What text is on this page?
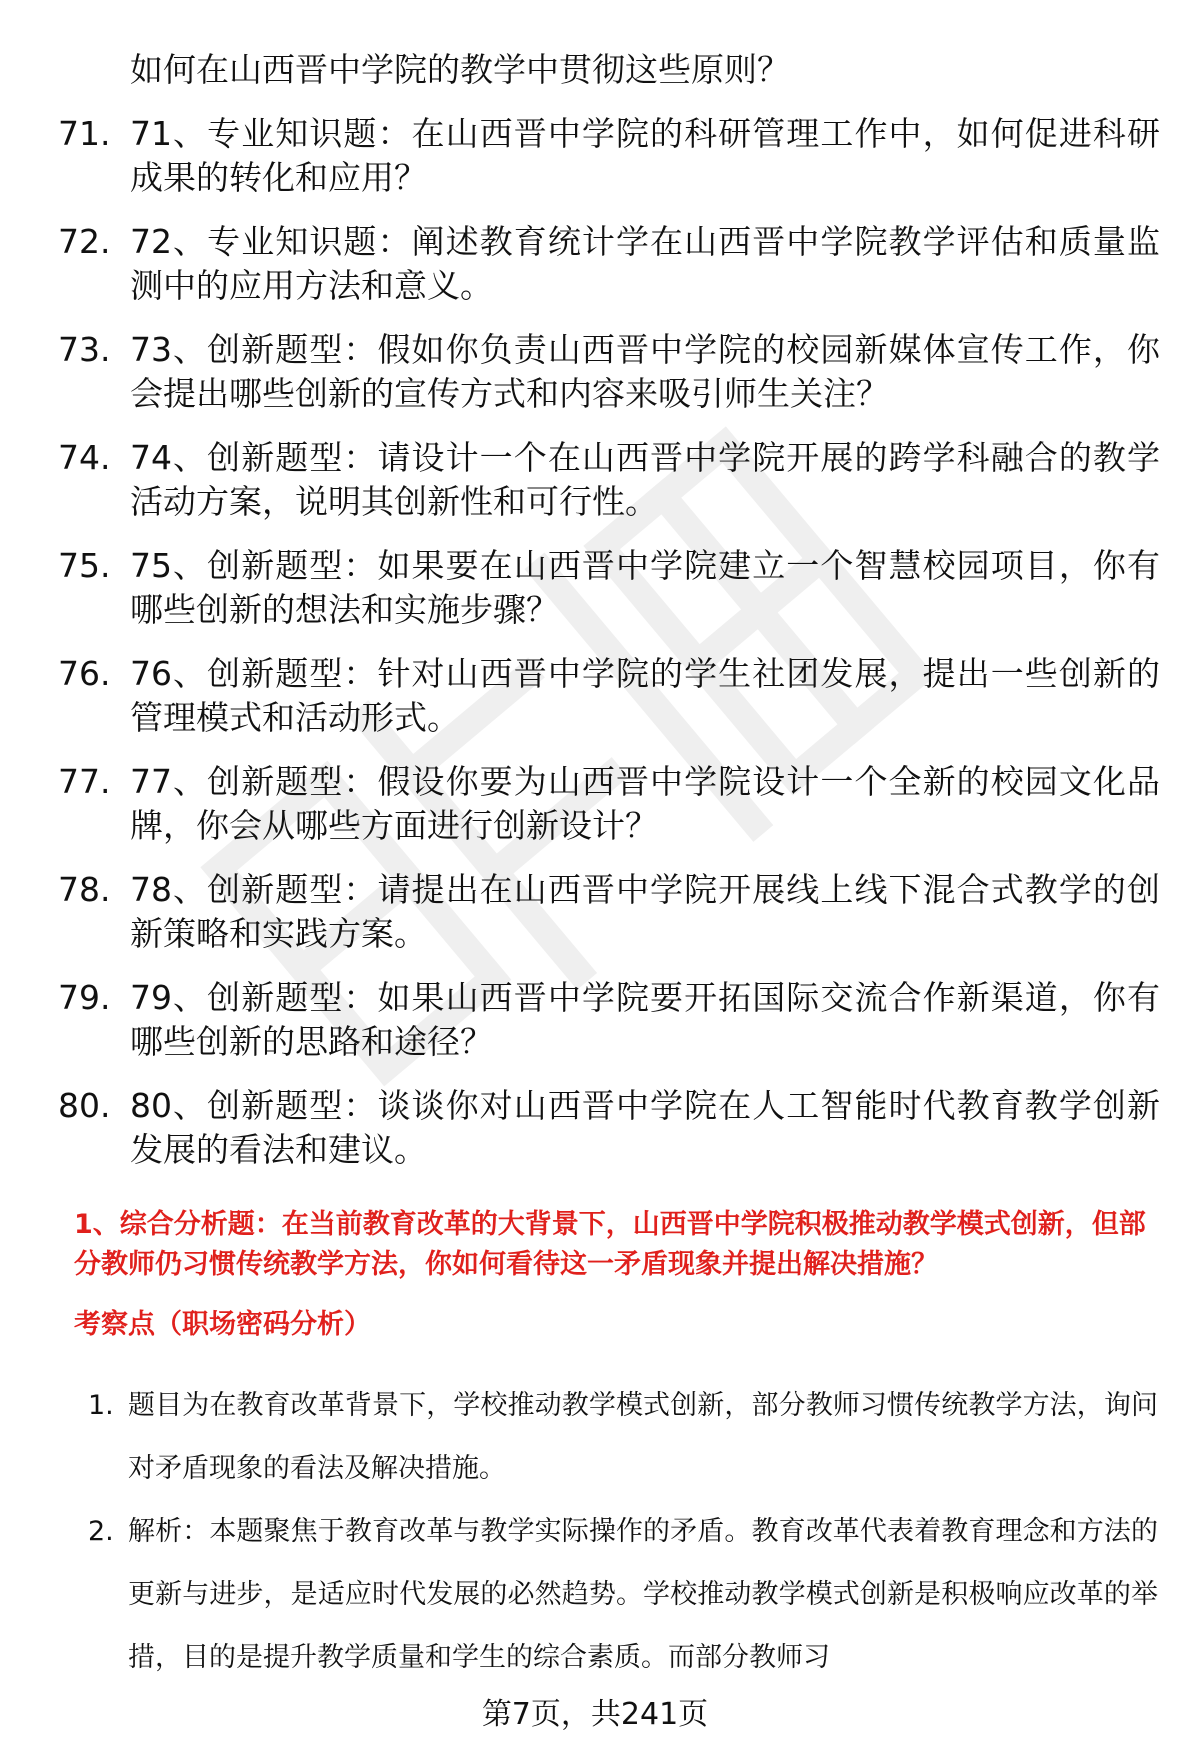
如何在山西晋中学院的教学中贯彻这些原则？
71. 71、专业知识题：在山西晋中学院的科研管理工作中，如何促进科研成果的转化和应用？
72. 72、专业知识题：阐述教育统计学在山西晋中学院教学评估和质量监测中的应用方法和意义。
73. 73、创新题型：假如你负责山西晋中学院的校园新媒体宣传工作，你会提出哪些创新的宣传方式和内容来吸引师生关注？
74. 74、创新题型：请设计一个在山西晋中学院开展的跨学科融合的教学活动方案，说明其创新性和可行性。
75. 75、创新题型：如果要在山西晋中学院建立一个智慧校园项目，你有哪些创新的想法和实施步骤？
76. 76、创新题型：针对山西晋中学院的学生社团发展，提出一些创新的管理模式和活动形式。
77. 77、创新题型：假设你要为山西晋中学院设计一个全新的校园文化品牌，你会从哪些方面进行创新设计？
78. 78、创新题型：请提出在山西晋中学院开展线上线下混合式教学的创新策略和实践方案。
79. 79、创新题型：如果山西晋中学院要开拓国际交流合作新渠道，你有哪些创新的思路和途径？
80. 80、创新题型：谈谈你对山西晋中学院在人工智能时代教育教学创新发展的看法和建议。
1、综合分析题：在当前教育改革的大背景下，山西晋中学院积极推动教学模式创新，但部分教师仍习惯传统教学方法，你如何看待这一矛盾现象并提出解决措施？
考察点（职场密码分析）
1. 题目为在教育改革背景下，学校推动教学模式创新，部分教师习惯传统教学方法，询问对矛盾现象的看法及解决措施。
2. 解析：本题聚焦于教育改革与教学实际操作的矛盾。教育改革代表着教育理念和方法的更新与进步，是适应时代发展的必然趋势。学校推动教学模式创新是积极响应改革的举措，目的是提升教学质量和学生的综合素质。而部分教师习
第7页，共241页
